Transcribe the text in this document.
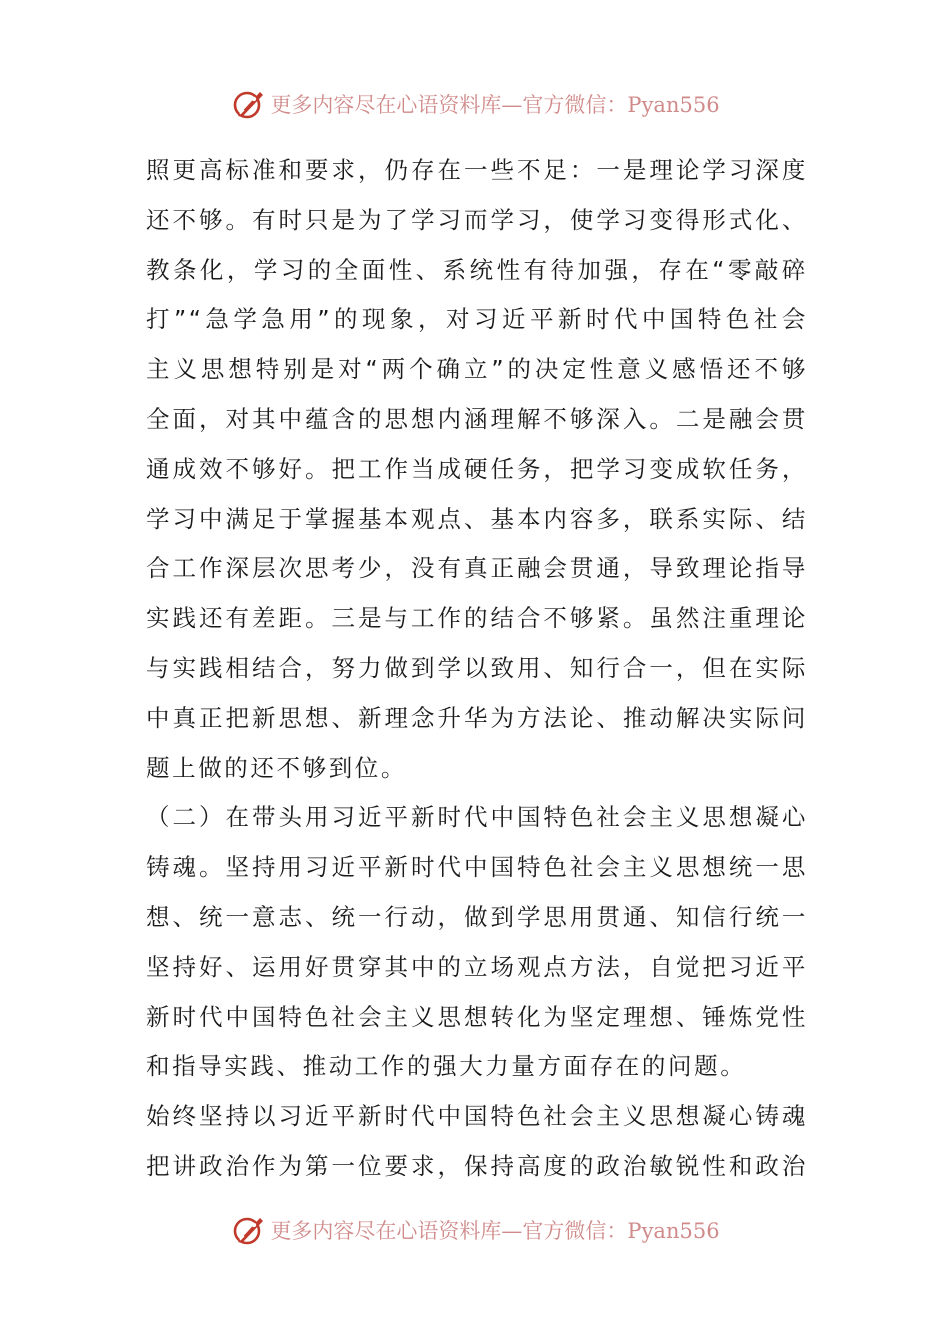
更多内容尽在心语资料库—官方微信：Pyan556
照更高标准和要求，仍存在一些不足：一是理论学习深度
还不够。有时只是为了学习而学习，使学习变得形式化、
教条化，学习的全面性、系统性有待加强，存在“零敲碎
打”“急学急用”的现象，对习近平新时代中国特色社会
主义思想特别是对“两个确立”的决定性意义感悟还不够
全面，对其中蕴含的思想内涵理解不够深入。二是融会贯
通成效不够好。把工作当成硬任务，把学习变成软任务，
学习中满足于掌握基本观点、基本内容多，联系实际、结
合工作深层次思考少，没有真正融会贯通，导致理论指导
实践还有差距。三是与工作的结合不够紧。虽然注重理论
与实践相结合，努力做到学以致用、知行合一，但在实际
中真正把新思想、新理念升华为方法论、推动解决实际问
题上做的还不够到位。
（二）在带头用习近平新时代中国特色社会主义思想凝心
铸魂。坚持用习近平新时代中国特色社会主义思想统一思
想、统一意志、统一行动，做到学思用贯通、知信行统一
坚持好、运用好贯穿其中的立场观点方法，自觉把习近平
新时代中国特色社会主义思想转化为坚定理想、锤炼党性
和指导实践、推动工作的强大力量方面存在的问题。
始终坚持以习近平新时代中国特色社会主义思想凝心铸魂
把讲政治作为第一位要求，保持高度的政治敏锐性和政治
更多内容尽在心语资料库—官方微信：Pyan556
